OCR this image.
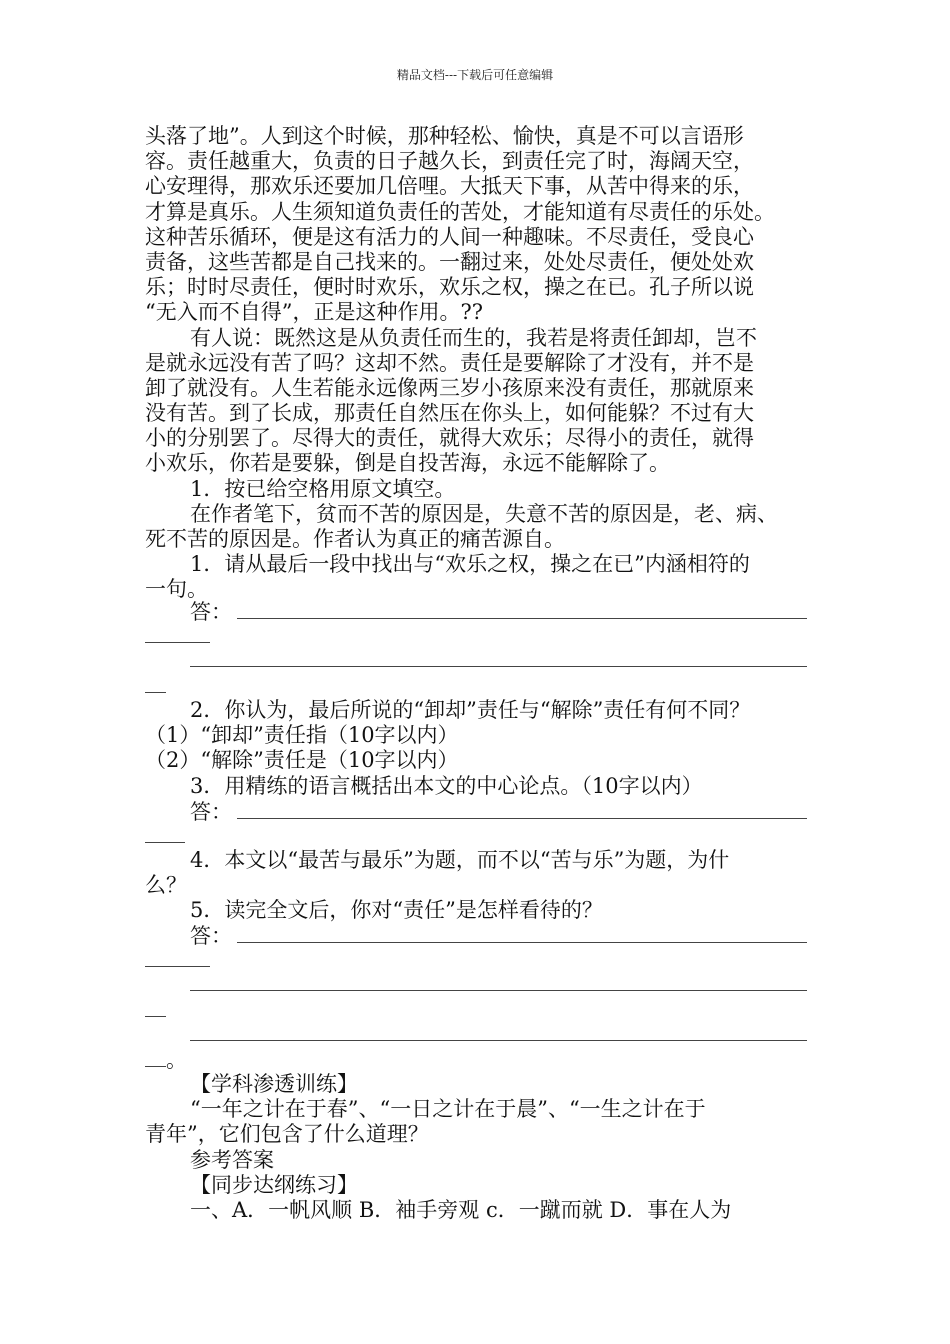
精品文档---下载后可任意编辑
头落了地”。人到这个时候，那种轻松、愉快，真是不可以言语形
容。责任越重大，负责的日子越久长，到责任完了时，海阔天空，
心安理得，那欢乐还要加几倍哩。大抵天下事，从苦中得来的乐，
才算是真乐。人生须知道负责任的苦处，才能知道有尽责任的乐处。
这种苦乐循环，便是这有活力的人间一种趣味。不尽责任，受良心
责备，这些苦都是自己找来的。一翻过来，处处尽责任，便处处欢
乐；时时尽责任，便时时欢乐，欢乐之权，操之在已。孔子所以说
“无入而不自得”，正是这种作用。??
有人说：既然这是从负责任而生的，我若是将责任卸却，岂不
是就永远没有苦了吗？这却不然。责任是要解除了才没有，并不是
卸了就没有。人生若能永远像两三岁小孩原来没有责任，那就原来
没有苦。到了长成，那责任自然压在你头上，如何能躲？不过有大
小的分别罢了。尽得大的责任，就得大欢乐；尽得小的责任，就得
小欢乐，你若是要躲，倒是自投苦海，永远不能解除了。
1．按已给空格用原文填空。
在作者笔下，贫而不苦的原因是，失意不苦的原因是，老、病、
死不苦的原因是。作者认为真正的痛苦源自。
1．请从最后一段中找出与“欢乐之权，操之在已”内涵相符的
一句。
答：
2．你认为，最后所说的“卸却”责任与“解除”责任有何不同？
（1）“卸却”责任指（10字以内）
（2）“解除”责任是（10字以内）
3．用精练的语言概括出本文的中心论点。（10字以内）
答：
4．本文以“最苦与最乐”为题，而不以“苦与乐”为题，为什
么？
5．读完全文后，你对“责任”是怎样看待的？
答：
。
【学科渗透训练】
“一年之计在于春”、“一日之计在于晨”、“一生之计在于
青年”，它们包含了什么道理？
参考答案
【同步达纲练习】
一、A．一帆风顺 B．袖手旁观 c．一蹴而就 D．事在人为
